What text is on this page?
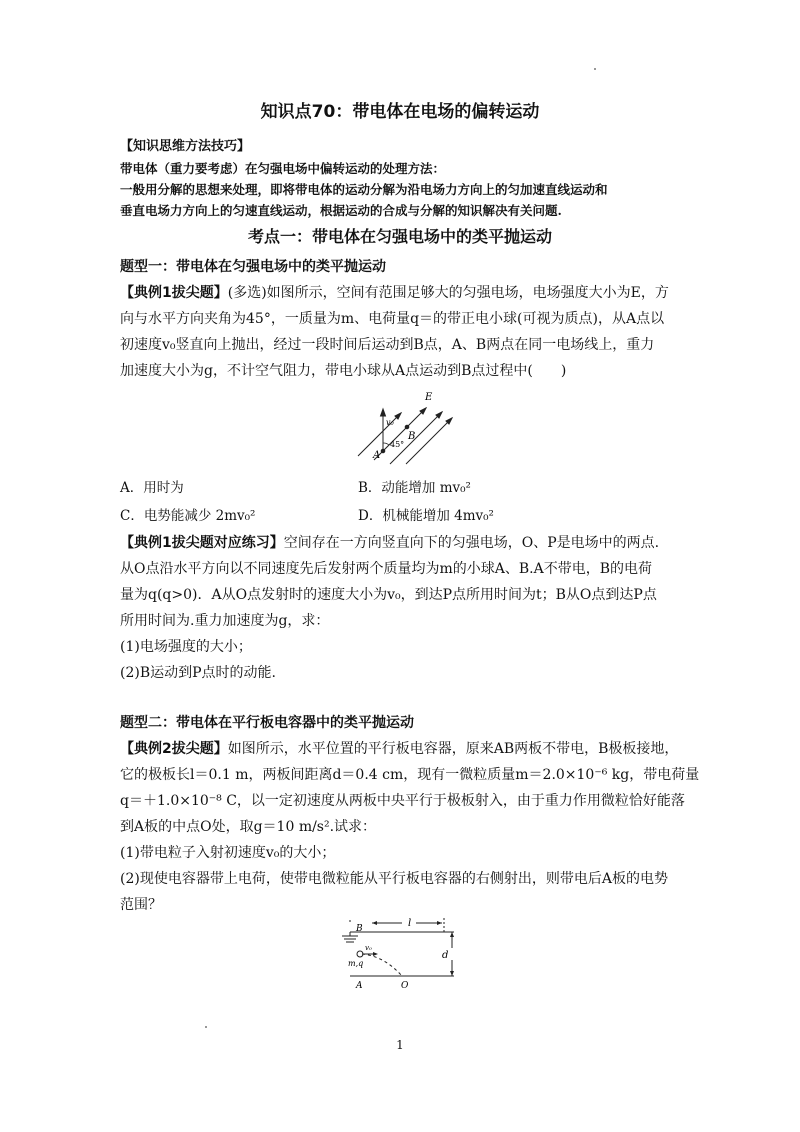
知识点70：带电体在电场的偏转运动
【知识思维方法技巧】
带电体（重力要考虑）在匀强电场中偏转运动的处理方法：
一般用分解的思想来处理，即将带电体的运动分解为沿电场力方向上的匀加速直线运动和
垂直电场力方向上的匀速直线运动，根据运动的合成与分解的知识解决有关问题.
考点一：带电体在匀强电场中的类平抛运动
题型一：带电体在匀强电场中的类平抛运动
【典例1拔尖题】(多选)如图所示，空间有范围足够大的匀强电场，电场强度大小为E，方
向与水平方向夹角为45°，一质量为m、电荷量q＝的带正电小球(可视为质点)，从A点以
初速度v₀竖直向上抛出，经过一段时间后运动到B点，A、B两点在同一电场线上，重力
加速度大小为g，不计空气阻力，带电小球从A点运动到B点过程中(　　)
E
B
A
v₀
45°
A．用时为	B．动能增加 mv₀²
C．电势能减少 2mv₀²	D．机械能增加 4mv₀²
【典例1拔尖题对应练习】空间存在一方向竖直向下的匀强电场，O、P是电场中的两点.
从O点沿水平方向以不同速度先后发射两个质量均为m的小球A、B.A不带电，B的电荷
量为q(q>0)．A从O点发射时的速度大小为v₀，到达P点所用时间为t；B从O点到达P点
所用时间为.重力加速度为g，求：
(1)电场强度的大小；
(2)B运动到P点时的动能.
题型二：带电体在平行板电容器中的类平抛运动
【典例2拔尖题】如图所示，水平位置的平行板电容器，原来AB两板不带电，B极板接地，
它的极板长l＝0.1 m，两板间距离d＝0.4 cm，现有一微粒质量m＝2.0×10⁻⁶ kg，带电荷量
q＝＋1.0×10⁻⁸ C，以一定初速度从两板中央平行于极板射入，由于重力作用微粒恰好能落
到A板的中点O处，取g＝10 m/s².试求：
(1)带电粒子入射初速度v₀的大小；
(2)现使电容器带上电荷，使带电微粒能从平行板电容器的右侧射出，则带电后A板的电势
范围？
B	l
d
v₀
m,q
A	O
1
